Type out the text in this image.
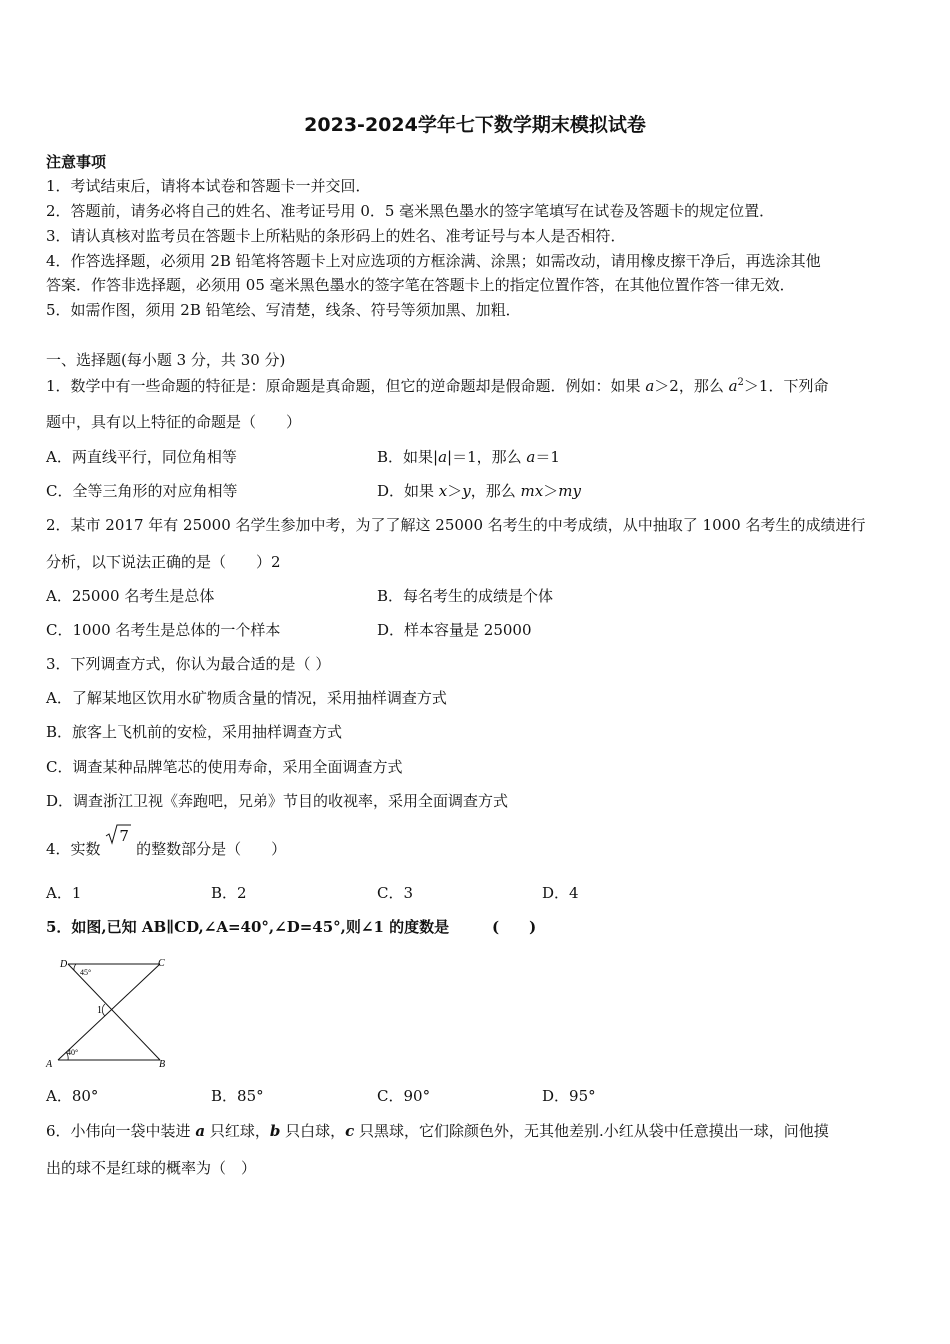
2023-2024学年七下数学期末模拟试卷
注意事项
1．考试结束后，请将本试卷和答题卡一并交回．
2．答题前，请务必将自己的姓名、准考证号用 0．5 毫米黑色墨水的签字笔填写在试卷及答题卡的规定位置．
3．请认真核对监考员在答题卡上所粘贴的条形码上的姓名、准考证号与本人是否相符．
4．作答选择题，必须用 2B 铅笔将答题卡上对应选项的方框涂满、涂黑；如需改动，请用橡皮擦干净后，再选涂其他
答案．作答非选择题，必须用 05 毫米黑色墨水的签字笔在答题卡上的指定位置作答，在其他位置作答一律无效．
5．如需作图，须用 2B 铅笔绘、写清楚，线条、符号等须加黑、加粗．
一、选择题(每小题 3 分，共 30 分)
1．数学中有一些命题的特征是：原命题是真命题，但它的逆命题却是假命题．例如：如果 a＞2，那么 $a^2>1$．下列命
题中，具有以上特征的命题是（　　）
A．两直线平行，同位角相等	B．如果|a|＝1，那么 a＝1
C．全等三角形的对应角相等	D．如果 x＞y，那么 mx＞my
2．某市 2017 年有 25000 名学生参加中考，为了了解这 25000 名考生的中考成绩，从中抽取了 1000 名考生的成绩进行
分析，以下说法正确的是（　　）2
A．25000 名考生是总体	B．每名考生的成绩是个体
C．1000 名考生是总体的一个样本	D．样本容量是 25000
3．下列调查方式，你认为最合适的是（ ）
A．了解某地区饮用水矿物质含量的情况，采用抽样调查方式
B．旅客上飞机前的安检，采用抽样调查方式
C．调查某种品牌笔芯的使用寿命，采用全面调查方式
D．调查浙江卫视《奔跑吧，兄弟》节目的收视率，采用全面调查方式
4．实数
7
的整数部分是（　　）
A．1	B．2	C．3	D．4
5．如图,已知 AB∥CD,∠A=40°,∠D=45°,则∠1 的度数是	(　　)
D	C
A	B
1
45°
40°
A．80°	B．85°	C．90°	D．95°
6．小伟向一袋中装进 a 只红球，b 只白球，c 只黑球，它们除颜色外，无其他差别.小红从袋中任意摸出一球，问他摸
出的球不是红球的概率为（　）
